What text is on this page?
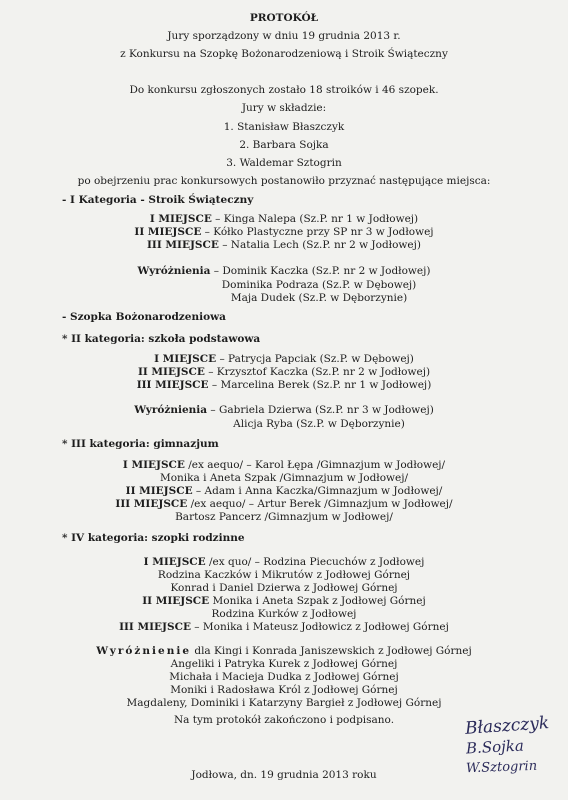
PROTOKÓŁ
Jury sporządzony w dniu 19 grudnia 2013 r.
z Konkursu na Szopkę Bożonarodzeniową i Stroik Świąteczny
Do konkursu zgłoszonych zostało 18 stroików i 46 szopek.
Jury w składzie:
1. Stanisław Błaszczyk
2. Barbara Sojka
3. Waldemar Sztogrin
po obejrzeniu prac konkursowych postanowiło przyznać następujące miejsca:
- I Kategoria - Stroik Świąteczny
I MIEJSCE – Kinga Nalepa (Sz.P. nr 1 w Jodłowej)
II MIEJSCE – Kółko Plastyczne przy SP nr 3 w Jodłowej
III MIEJSCE – Natalia Lech (Sz.P. nr 2 w Jodłowej)
Wyróżnienia – Dominik Kaczka (Sz.P. nr 2 w Jodłowej)
Dominika Podraza (Sz.P. w Dębowej)
Maja Dudek (Sz.P. w Dęborzynie)
- Szopka Bożonarodzeniowa
* II kategoria: szkoła podstawowa
I MIEJSCE – Patrycja Papciak (Sz.P. w Dębowej)
II MIEJSCE – Krzysztof Kaczka (Sz.P. nr 2 w Jodłowej)
III MIEJSCE – Marcelina Berek (Sz.P. nr 1 w Jodłowej)
Wyróżnienia – Gabriela Dzierwa (Sz.P. nr 3 w Jodłowej)
Alicja Ryba (Sz.P. w Dęborzynie)
* III kategoria: gimnazjum
I MIEJSCE /ex aequo/ – Karol Łępa /Gimnazjum w Jodłowej/
Monika i Aneta Szpak /Gimnazjum w Jodłowej/
II MIEJSCE – Adam i Anna Kaczka/Gimnazjum w Jodłowej/
III MIEJSCE /ex aequo/ – Artur Berek /Gimnazjum w Jodłowej/
Bartosz Pancerz /Gimnazjum w Jodłowej/
* IV kategoria: szopki rodzinne
I MIEJSCE /ex quo/ – Rodzina Piecuchów z Jodłowej
Rodzina Kaczków i Mikrutów z Jodłowej Górnej
Konrad i Daniel Dzierwa z Jodłowej Górnej
II MIEJSCE Monika i Aneta Szpak z Jodłowej Górnej
Rodzina Kurków z Jodłowej
III MIEJSCE – Monika i Mateusz Jodłowicz z Jodłowej Górnej
Wyróżnienie dla Kingi i Konrada Janiszewskich z Jodłowej Górnej
Angeliki i Patryka Kurek z Jodłowej Górnej
Michała i Macieja Dudka z Jodłowej Górnej
Moniki i Radosława Król z Jodłowej Górnej
Magdaleny, Dominiki i Katarzyny Bargieł z Jodłowej Górnej
Na tym protokół zakończono i podpisano.
Jodłowa, dn. 19 grudnia 2013 roku
Błaszczyk
B.Sojka
W.Sztogrin
